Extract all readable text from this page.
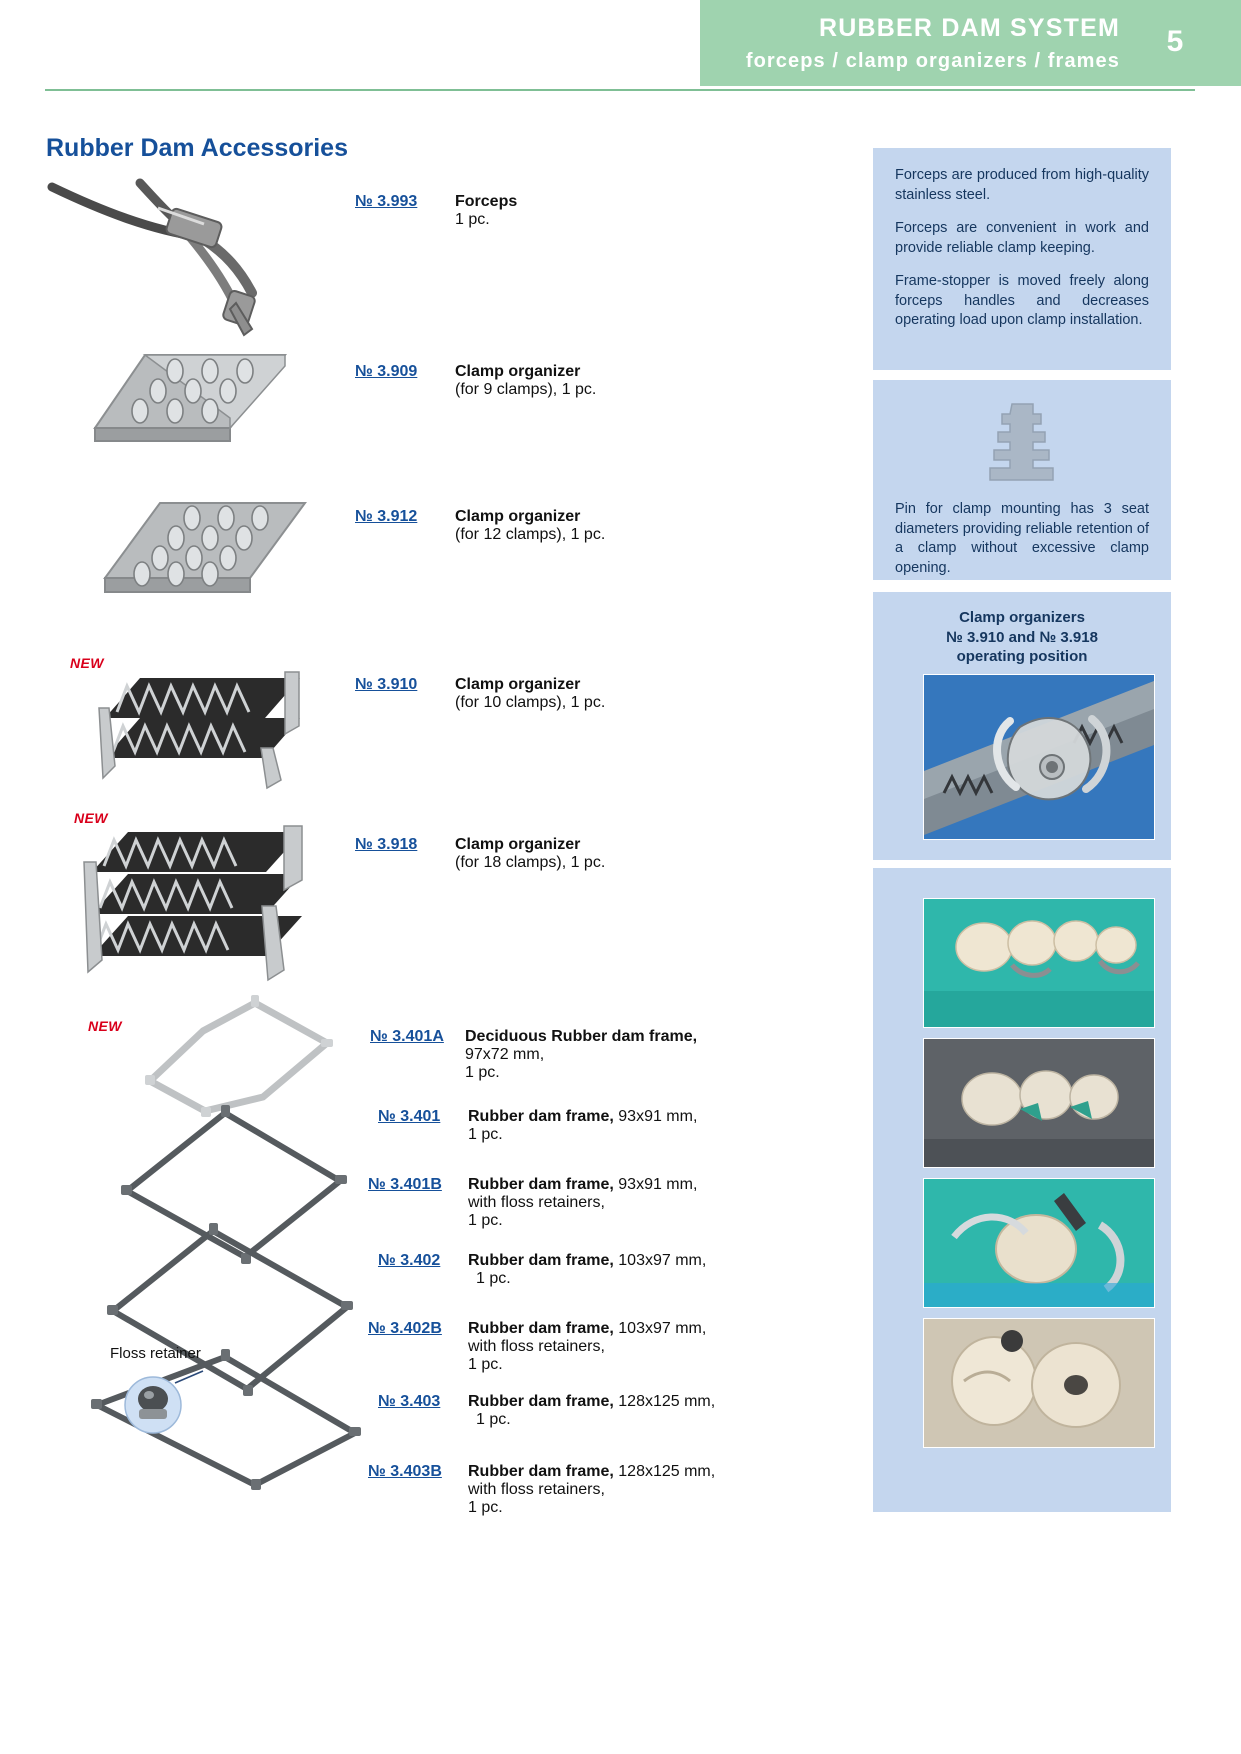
RUBBER DAM SYSTEM
forceps / clamp organizers / frames
5
Rubber Dam Accessories
Floss retainer
№ 3.993	Forceps
1 pc.
№ 3.909	Clamp organizer
(for 9 clamps), 1 pc.
№ 3.912	Clamp organizer
(for 12 clamps), 1 pc.
NEW
№ 3.910	Clamp organizer
(for 10 clamps), 1 pc.
NEW
№ 3.918	Clamp organizer
(for 18 clamps), 1 pc.
NEW
№ 3.401A	Deciduous Rubber dam frame,
97x72 mm,
1 pc.
№ 3.401	Rubber dam frame, 93x91 mm,
1 pc.
№ 3.401B	Rubber dam frame, 93x91 mm,
with floss retainers,
1 pc.
№ 3.402	Rubber dam frame, 103x97 mm,
1 pc.
№ 3.402B	Rubber dam frame, 103x97 mm,
with floss retainers,
1 pc.
№ 3.403	Rubber dam frame, 128x125 mm,
1 pc.
№ 3.403B	Rubber dam frame, 128x125 mm,
with floss retainers,
1 pc.

Forceps are produced from high-quality stainless steel.

Forceps are convenient in work and provide reliable clamp keeping.

Frame-stopper is moved freely along forceps handles and decreases operating load upon clamp installation.

Pin for clamp mounting has 3 seat diameters providing reliable retention of a clamp without excessive clamp opening.

Clamp organizers
№ 3.910 and № 3.918
operating position
